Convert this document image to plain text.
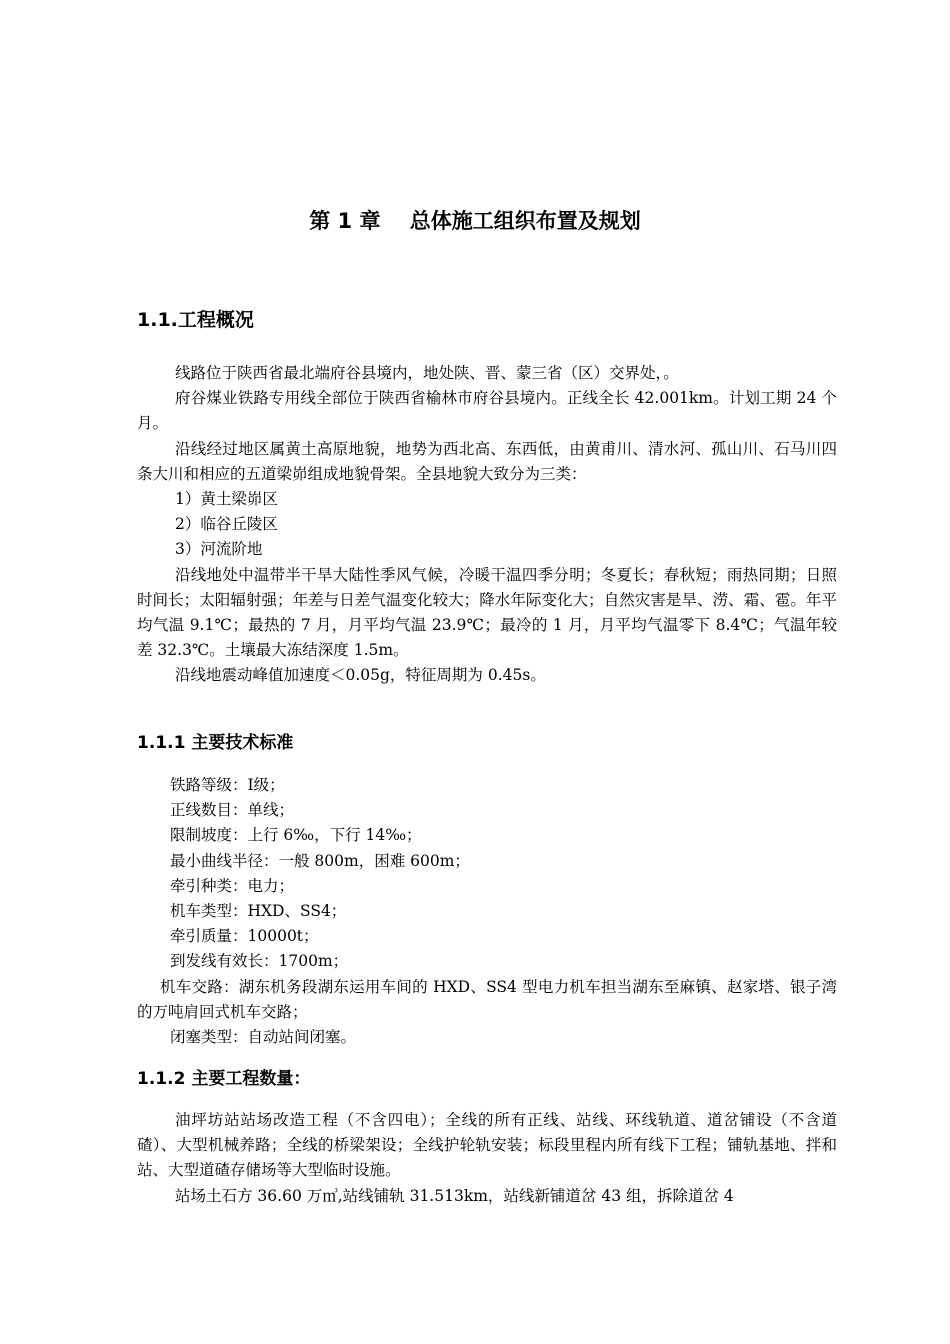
第 1 章    总体施工组织布置及规划
1.1.工程概况

线路位于陕西省最北端府谷县境内，地处陕、晋、蒙三省（区）交界处，。

府谷煤业铁路专用线全部位于陕西省榆林市府谷县境内。正线全长 42.001km。计划工期 24 个月。

沿线经过地区属黄土高原地貌，地势为西北高、东西低，由黄甫川、清水河、孤山川、石马川四条大川和相应的五道梁峁组成地貌骨架。全县地貌大致分为三类：

1）黄土梁峁区

2）临谷丘陵区

3）河流阶地

沿线地处中温带半干旱大陆性季风气候，冷暖干温四季分明；冬夏长；春秋短；雨热同期；日照时间长；太阳辐射强；年差与日差气温变化较大；降水年际变化大；自然灾害是旱、涝、霜、雹。年平均气温 9.1℃；最热的 7 月，月平均气温 23.9℃；最冷的 1 月，月平均气温零下 8.4℃；气温年较差 32.3℃。土壤最大冻结深度 1.5m。

沿线地震动峰值加速度＜0.05g，特征周期为 0.45s。

1.1.1 主要技术标准

铁路等级：Ⅰ级；

正线数目：单线；

限制坡度：上行 6‰，下行 14‰；

最小曲线半径：一般 800m，困难 600m；

牵引种类：电力；

机车类型：HXD、SS4；

牵引质量：10000t；

到发线有效长：1700m；

机车交路：湖东机务段湖东运用车间的 HXD、SS4 型电力机车担当湖东至麻镇、赵家塔、银子湾的万吨肩回式机车交路；

闭塞类型：自动站间闭塞。

1.1.2 主要工程数量：

油坪坊站站场改造工程（不含四电）；全线的所有正线、站线、环线轨道、道岔铺设（不含道碴）、大型机械养路；全线的桥梁架设；全线护轮轨安装；标段里程内所有线下工程；铺轨基地、拌和站、大型道碴存储场等大型临时设施。

站场土石方 36.60 万㎥,站线铺轨 31.513km，站线新铺道岔 43 组，拆除道岔 4
